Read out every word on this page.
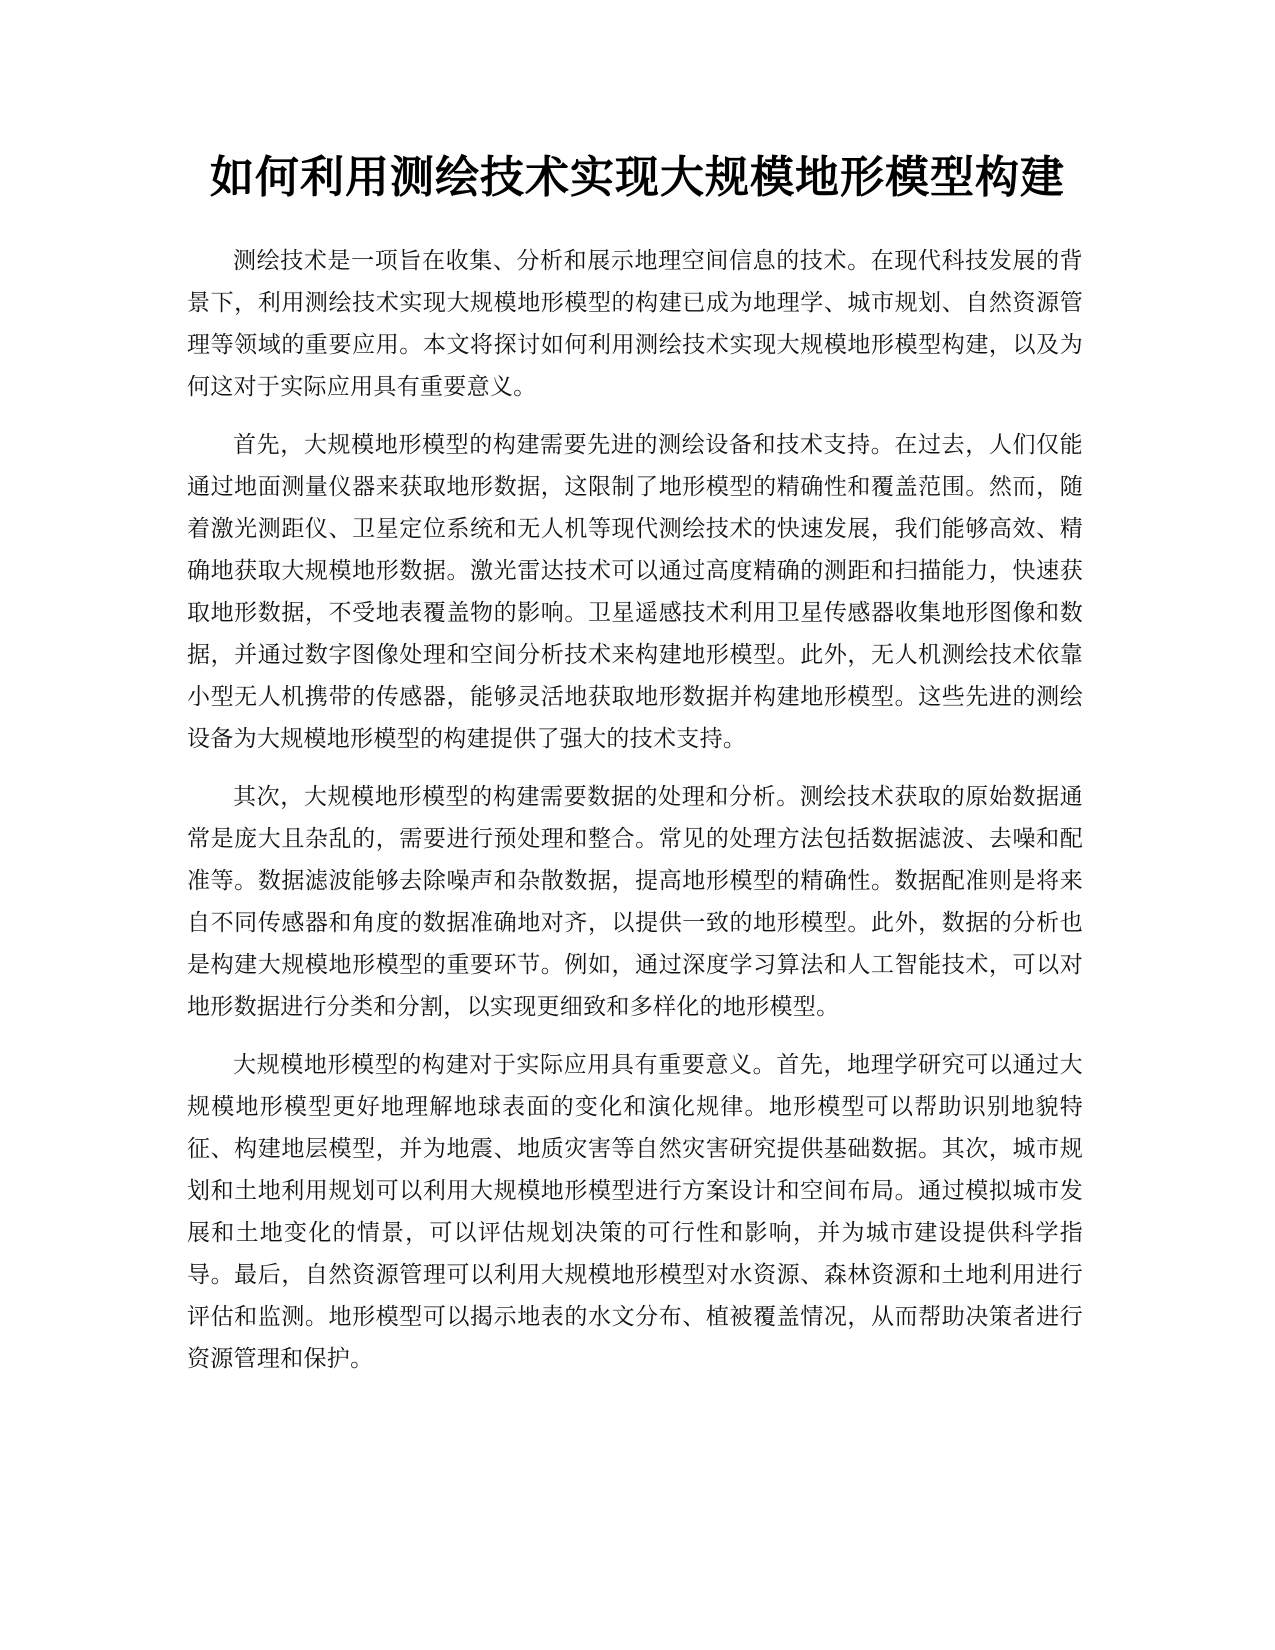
如何利用测绘技术实现大规模地形模型构建

测绘技术是一项旨在收集、分析和展示地理空间信息的技术。在现代科技发展的背景下，利用测绘技术实现大规模地形模型的构建已成为地理学、城市规划、自然资源管理等领域的重要应用。本文将探讨如何利用测绘技术实现大规模地形模型构建，以及为何这对于实际应用具有重要意义。

首先，大规模地形模型的构建需要先进的测绘设备和技术支持。在过去，人们仅能通过地面测量仪器来获取地形数据，这限制了地形模型的精确性和覆盖范围。然而，随着激光测距仪、卫星定位系统和无人机等现代测绘技术的快速发展，我们能够高效、精确地获取大规模地形数据。激光雷达技术可以通过高度精确的测距和扫描能力，快速获取地形数据，不受地表覆盖物的影响。卫星遥感技术利用卫星传感器收集地形图像和数据，并通过数字图像处理和空间分析技术来构建地形模型。此外，无人机测绘技术依靠小型无人机携带的传感器，能够灵活地获取地形数据并构建地形模型。这些先进的测绘设备为大规模地形模型的构建提供了强大的技术支持。

其次，大规模地形模型的构建需要数据的处理和分析。测绘技术获取的原始数据通常是庞大且杂乱的，需要进行预处理和整合。常见的处理方法包括数据滤波、去噪和配准等。数据滤波能够去除噪声和杂散数据，提高地形模型的精确性。数据配准则是将来自不同传感器和角度的数据准确地对齐，以提供一致的地形模型。此外，数据的分析也是构建大规模地形模型的重要环节。例如，通过深度学习算法和人工智能技术，可以对地形数据进行分类和分割，以实现更细致和多样化的地形模型。

大规模地形模型的构建对于实际应用具有重要意义。首先，地理学研究可以通过大规模地形模型更好地理解地球表面的变化和演化规律。地形模型可以帮助识别地貌特征、构建地层模型，并为地震、地质灾害等自然灾害研究提供基础数据。其次，城市规划和土地利用规划可以利用大规模地形模型进行方案设计和空间布局。通过模拟城市发展和土地变化的情景，可以评估规划决策的可行性和影响，并为城市建设提供科学指导。最后，自然资源管理可以利用大规模地形模型对水资源、森林资源和土地利用进行评估和监测。地形模型可以揭示地表的水文分布、植被覆盖情况，从而帮助决策者进行资源管理和保护。
